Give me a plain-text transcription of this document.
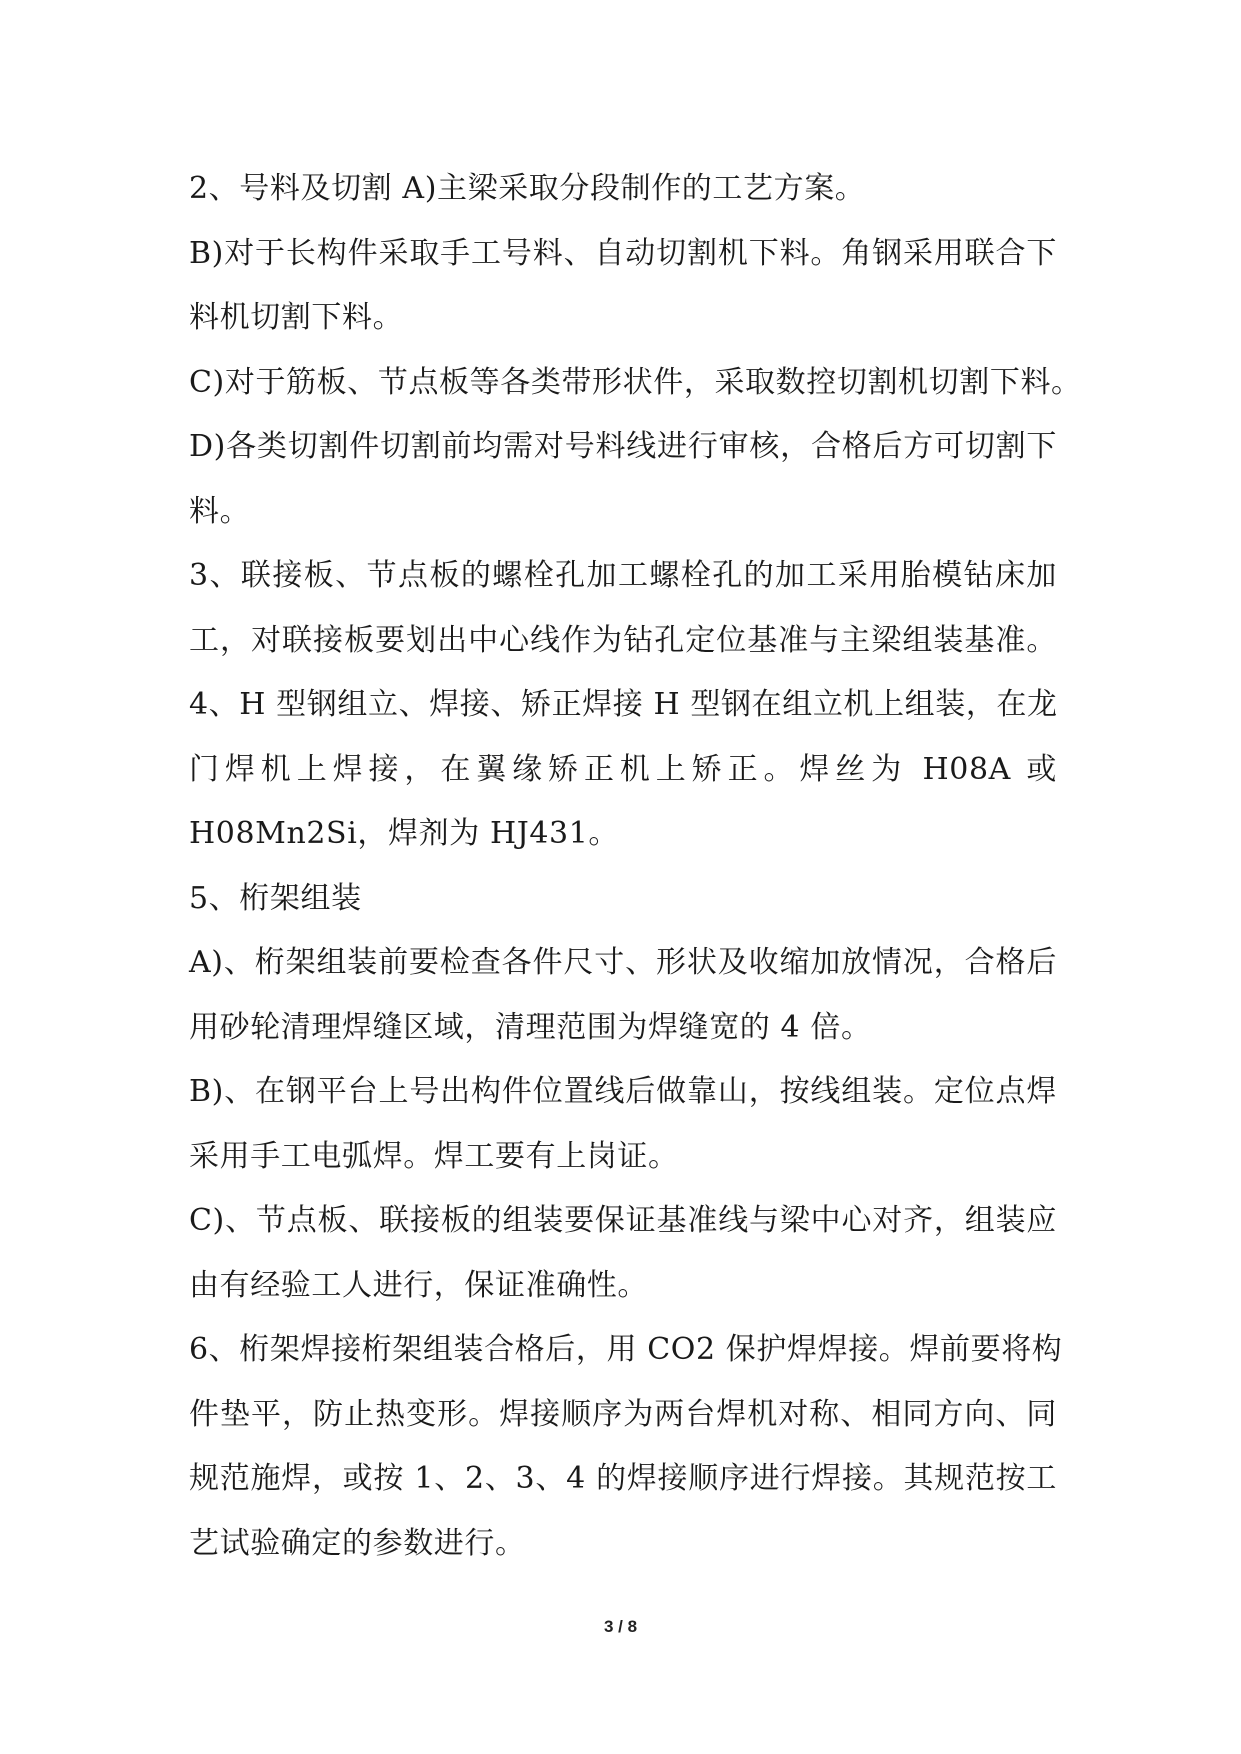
2、号料及切割 A)主梁采取分段制作的工艺方案。
B)对于长构件采取手工号料、自动切割机下料。角钢采用联合下
料机切割下料。
C)对于筋板、节点板等各类带形状件，采取数控切割机切割下料。
D)各类切割件切割前均需对号料线进行审核，合格后方可切割下
料。
3、联接板、节点板的螺栓孔加工螺栓孔的加工采用胎模钻床加
工，对联接板要划出中心线作为钻孔定位基准与主梁组装基准。
4、H 型钢组立、焊接、矫正焊接 H 型钢在组立机上组装，在龙
门焊机上焊接，在翼缘矫正机上矫正。焊丝为 H08A 或
H08Mn2Si，焊剂为 HJ431。
5、桁架组装
A)、桁架组装前要检查各件尺寸、形状及收缩加放情况，合格后
用砂轮清理焊缝区域，清理范围为焊缝宽的 4 倍。
B)、在钢平台上号出构件位置线后做靠山，按线组装。定位点焊
采用手工电弧焊。焊工要有上岗证。
C)、节点板、联接板的组装要保证基准线与梁中心对齐，组装应
由有经验工人进行，保证准确性。
6、桁架焊接桁架组装合格后，用 CO2 保护焊焊接。焊前要将构
件垫平，防止热变形。焊接顺序为两台焊机对称、相同方向、同
规范施焊，或按 1、2、3、4 的焊接顺序进行焊接。其规范按工
艺试验确定的参数进行。
3 / 8
